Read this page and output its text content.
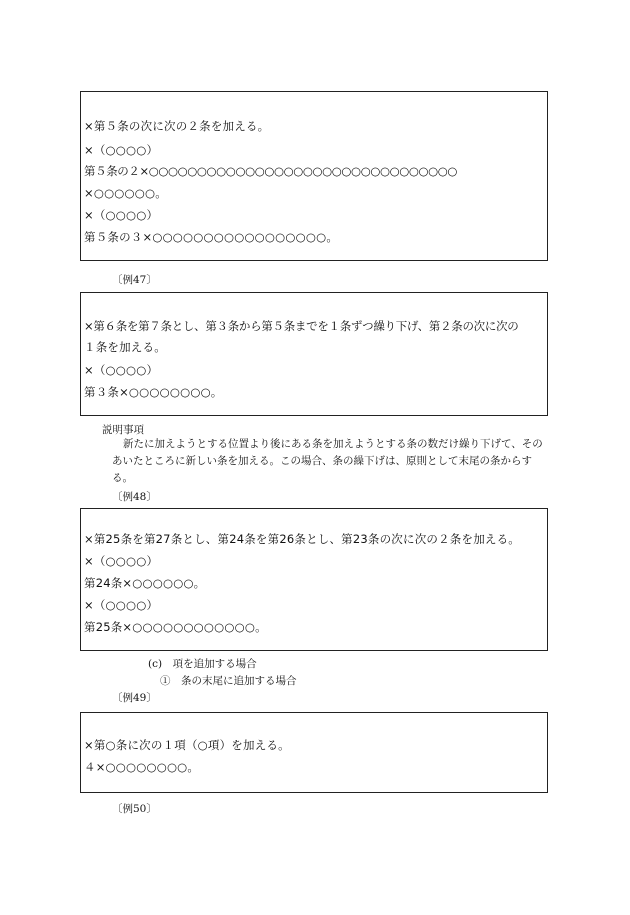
×第５条の次に次の２条を加える。
×（○○○○）
第５条の２×○○○○○○○○○○○○○○○○○○○○○○○○○○○○○○○○
×○○○○○○。
×（○○○○）
第５条の３×○○○○○○○○○○○○○○○○○。
〔例47〕
×第６条を第７条とし、第３条から第５条までを１条ずつ繰り下げ、第２条の次に次の
１条を加える。
×（○○○○）
第３条×○○○○○○○○。
説明事項
新たに加えようとする位置より後にある条を加えようとする条の数だけ繰り下げて、そのあいたところに新しい条を加える。この場合、条の繰下げは、原則として末尾の条からする。
〔例48〕
×第25条を第27条とし、第24条を第26条とし、第23条の次に次の２条を加える。
×（○○○○）
第24条×○○○○○○。
×（○○○○）
第25条×○○○○○○○○○○○○。
(c)　項を追加する場合
①　条の末尾に追加する場合
〔例49〕
×第○条に次の１項（○項）を加える。
４×○○○○○○○○。
〔例50〕
